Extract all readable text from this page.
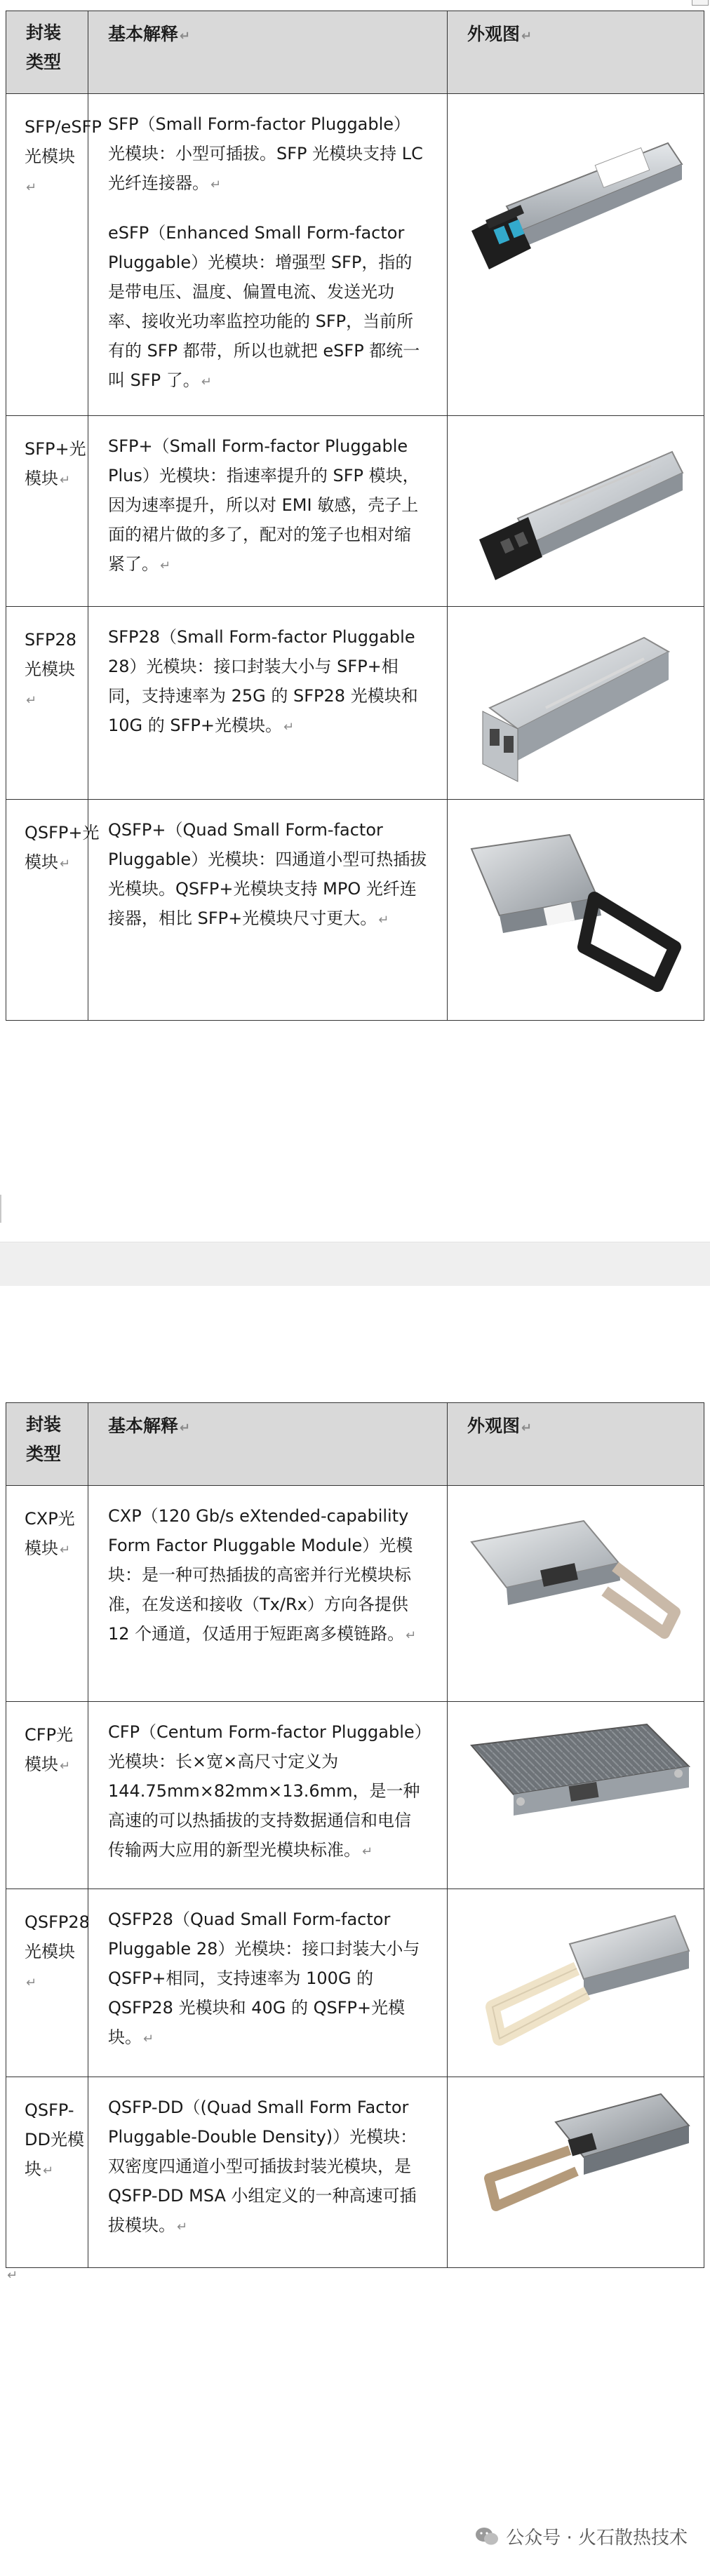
封装类型	基本解释 ↵	外观图 ↵

SFP/eSFP光模块↵	SFP（Small Form-factor Pluggable）光模块：小型可插拔。SFP 光模块支持 LC 光纤连接器。 ↵

eSFP（Enhanced Small Form-factor Pluggable）光模块：增强型 SFP，指的是带电压、温度、偏置电流、发送光功率、接收光功率监控功能的 SFP，当前所有的 SFP 都带，所以也就把 eSFP 都统一叫 SFP 了。 ↵

SFP+光模块 ↵	SFP+（Small Form-factor Pluggable Plus）光模块：指速率提升的 SFP 模块，因为速率提升，所以对 EMI 敏感，壳子上面的裙片做的多了，配对的笼子也相对缩紧了。 ↵

SFP28光模块↵	SFP28（Small Form-factor Pluggable 28）光模块：接口封装大小与 SFP+相同，支持速率为 25G 的 SFP28 光模块和 10G 的 SFP+光模块。 ↵

QSFP+光模块 ↵	QSFP+（Quad Small Form-factor Pluggable）光模块：四通道小型可热插拔光模块。QSFP+光模块支持 MPO 光纤连接器，相比 SFP+光模块尺寸更大。 ↵

封装类型	基本解释 ↵	外观图 ↵

CXP光模块 ↵	CXP（120 Gb/s eXtended-capability Form Factor Pluggable Module）光模块：是一种可热插拔的高密并行光模块标准，在发送和接收（Tx/Rx）方向各提供 12 个通道，仅适用于短距离多模链路。 ↵

CFP光模块 ↵	CFP（Centum Form-factor Pluggable）光模块：长×宽×高尺寸定义为 144.75mm×82mm×13.6mm，是一种高速的可以热插拔的支持数据通信和电信传输两大应用的新型光模块标准。 ↵

QSFP28光模块↵	QSFP28（Quad Small Form-factor Pluggable 28）光模块：接口封装大小与 QSFP+相同，支持速率为 100G 的 QSFP28 光模块和 40G 的 QSFP+光模块。 ↵

QSFP-DD光模块 ↵	QSFP-DD（(Quad Small Form Factor Pluggable-Double Density)）光模块：双密度四通道小型可插拔封装光模块，是 QSFP-DD MSA 小组定义的一种高速可插拔模块。 ↵

↵
公众号 · 火石散热技术
